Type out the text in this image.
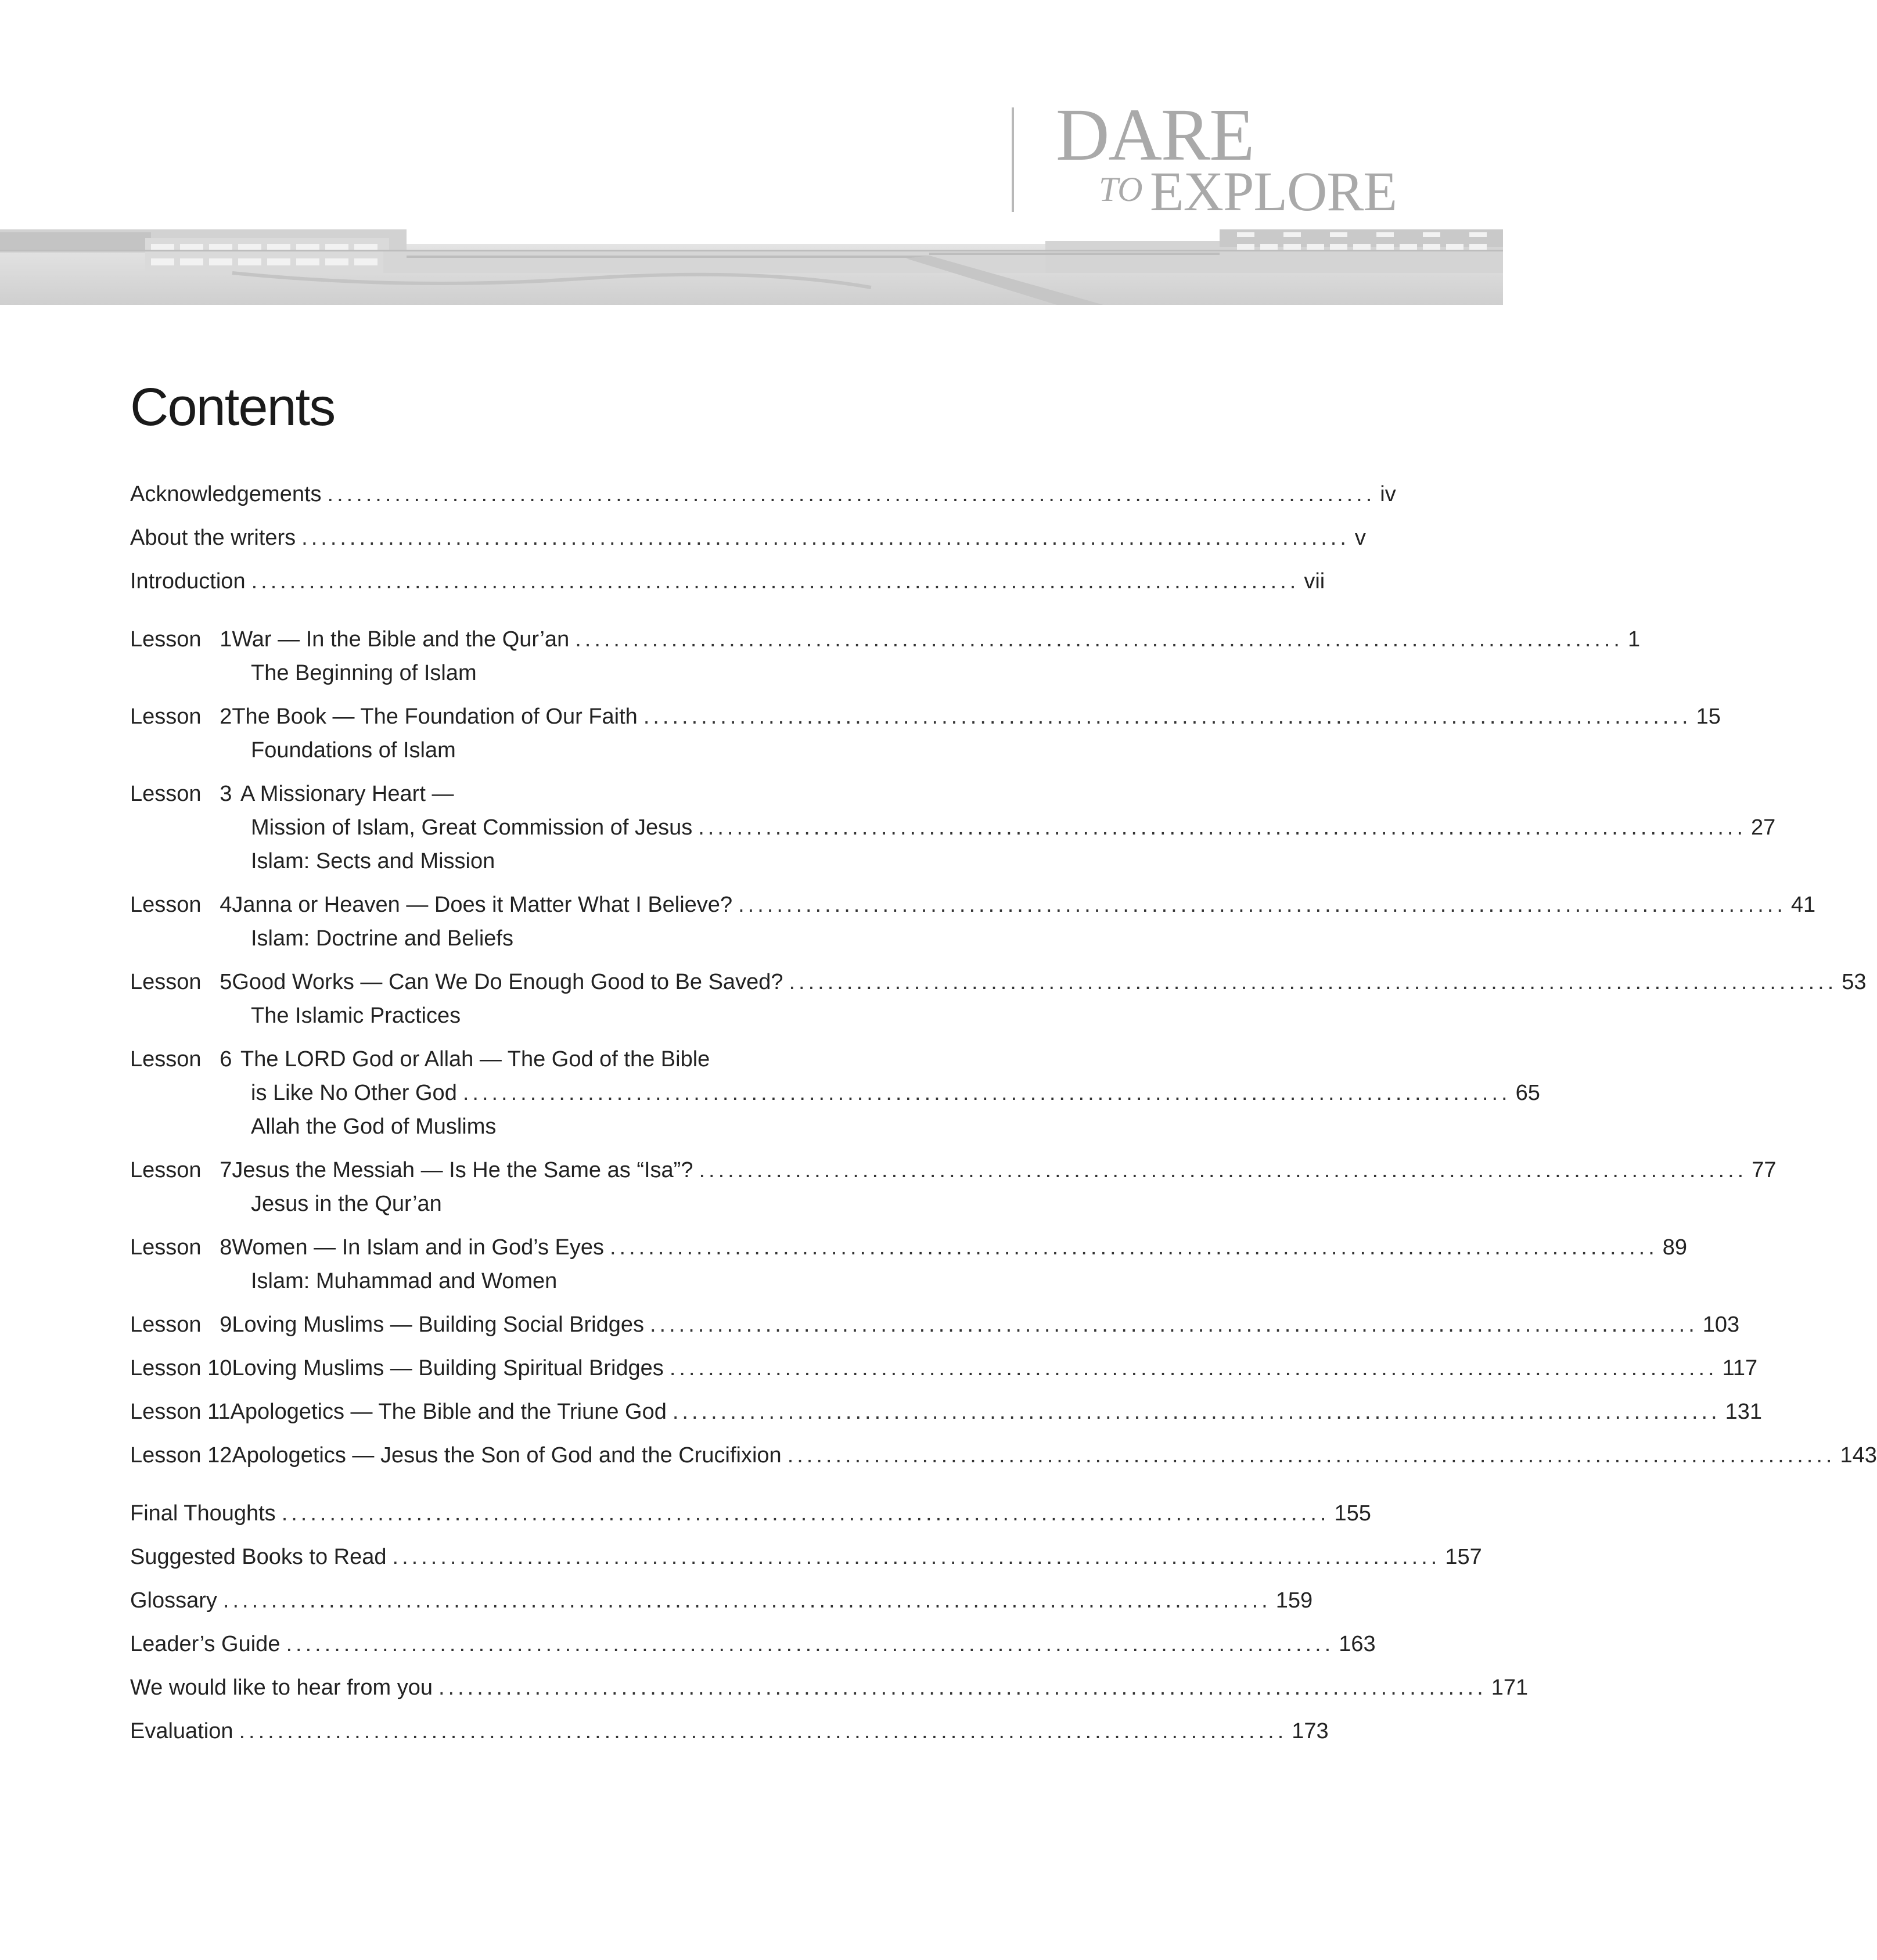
DARE
TO EXPLORE
Contents
Acknowledgements ............................................................................................................. iv
About the writers ............................................................................................................. v
Introduction ............................................................................................................. vii
Lesson   1 War — In the Bible and the Qur’an ............................................................................................................. 1
The Beginning of Islam
Lesson   2 The Book — The Foundation of Our Faith ............................................................................................................. 15
Foundations of Islam
Lesson   3 A Missionary Heart —
Mission of Islam, Great Commission of Jesus ............................................................................................................. 27
Islam: Sects and Mission
Lesson   4 Janna or Heaven — Does it Matter What I Believe? ............................................................................................................. 41
Islam: Doctrine and Beliefs
Lesson   5 Good Works — Can We Do Enough Good to Be Saved? ............................................................................................................. 53
The Islamic Practices
Lesson   6 The LORD God or Allah — The God of the Bible
is Like No Other God ............................................................................................................. 65
Allah the God of Muslims
Lesson   7 Jesus the Messiah — Is He the Same as “Isa”? ............................................................................................................. 77
Jesus in the Qur’an
Lesson   8 Women — In Islam and in God’s Eyes ............................................................................................................. 89
Islam: Muhammad and Women
Lesson   9 Loving Muslims — Building Social Bridges ............................................................................................................. 103
Lesson 10 Loving Muslims — Building Spiritual Bridges ............................................................................................................. 117
Lesson 11 Apologetics — The Bible and the Triune God ............................................................................................................. 131
Lesson 12 Apologetics — Jesus the Son of God and the Crucifixion ............................................................................................................. 143
Final Thoughts ............................................................................................................. 155
Suggested Books to Read ............................................................................................................. 157
Glossary ............................................................................................................. 159
Leader’s Guide ............................................................................................................. 163
We would like to hear from you ............................................................................................................. 171
Evaluation ............................................................................................................. 173
